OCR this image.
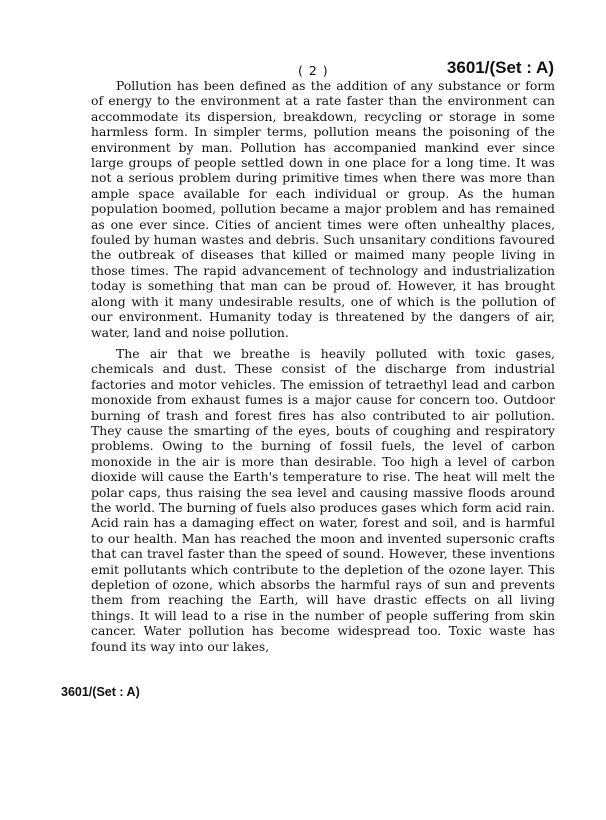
( 2 )	3601/(Set : A)

Pollution has been defined as the addition of any substance or form of energy to the environment at a rate faster than the environment can accommodate its dispersion, breakdown, recycling or storage in some harmless form. In simpler terms, pollution means the poisoning of the environment by man. Pollution has accompanied mankind ever since large groups of people settled down in one place for a long time. It was not a serious problem during primitive times when there was more than ample space available for each individual or group. As the human population boomed, pollution became a major problem and has remained as one ever since. Cities of ancient times were often unhealthy places, fouled by human wastes and debris. Such unsanitary conditions favoured the outbreak of diseases that killed or maimed many people living in those times. The rapid advancement of technology and industrialization today is something that man can be proud of. However, it has brought along with it many undesirable results, one of which is the pollution of our environment. Humanity today is threatened by the dangers of air, water, land and noise pollution.

The air that we breathe is heavily polluted with toxic gases, chemicals and dust. These consist of the discharge from industrial factories and motor vehicles. The emission of tetraethyl lead and carbon monoxide from exhaust fumes is a major cause for concern too. Outdoor burning of trash and forest fires has also contributed to air pollution. They cause the smarting of the eyes, bouts of coughing and respiratory problems. Owing to the burning of fossil fuels, the level of carbon monoxide in the air is more than desirable. Too high a level of carbon dioxide will cause the Earth's temperature to rise. The heat will melt the polar caps, thus raising the sea level and causing massive floods around the world. The burning of fuels also produces gases which form acid rain. Acid rain has a damaging effect on water, forest and soil, and is harmful to our health. Man has reached the moon and invented supersonic crafts that can travel faster than the speed of sound. However, these inventions emit pollutants which contribute to the depletion of the ozone layer. This depletion of ozone, which absorbs the harmful rays of sun and prevents them from reaching the Earth, will have drastic effects on all living things. It will lead to a rise in the number of people suffering from skin cancer. Water pollution has become widespread too. Toxic waste has found its way into our lakes,

3601/(Set : A)
